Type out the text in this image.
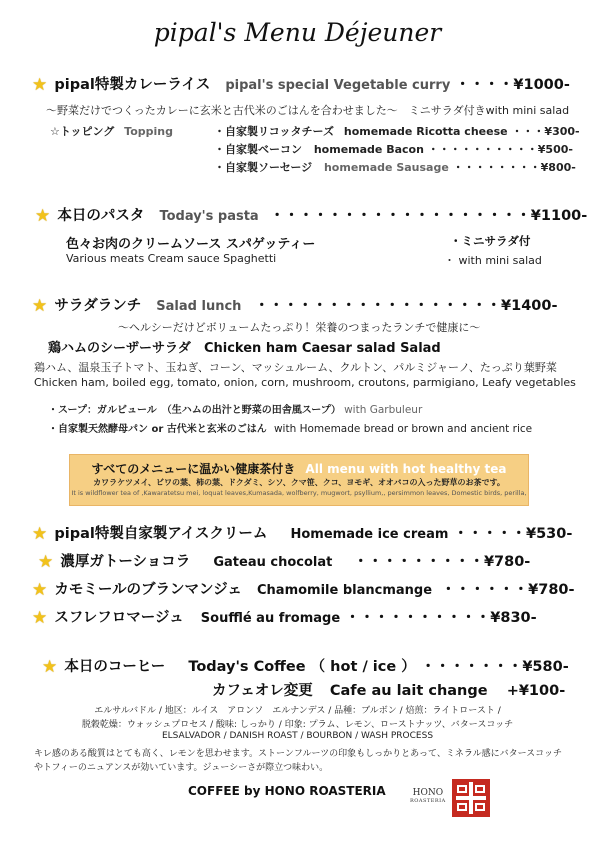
pipal's Menu Déjeuner
★ pipal特製カレーライス pipal's special Vegetable curry ・・・・¥1000-
〜野菜だけでつくったカレーに玄米と古代米のごはんを合わせました〜　ミニサラダ付きwith mini salad
☆トッピング Topping	・自家製リコッタチーズ homemade Ricotta cheese ・・・¥300-
・自家製ベーコン homemade Bacon ・・・・・・・・・・¥500-
・自家製ソーセージ homemade Sausage ・・・・・・・・¥800-
★ 本日のパスタ Today's pasta ・・・・・・・・・・・・・・・・・・¥1100-
色々お肉のクリームソース スパゲッティー	・ミニサラダ付
Various meats Cream sauce Spaghetti	・ with mini salad
★ サラダランチ Salad lunch ・・・・・・・・・・・・・・・・・¥1400-
〜ヘルシーだけどボリュームたっぷり！栄養のつまったランチで健康に〜
鶏ハムのシーザーサラダ Chicken ham Caesar salad Salad
鶏ハム、温泉玉子トマト、玉ねぎ、コーン、マッシュルーム、クルトン、パルミジャーノ、たっぷり葉野菜
Chicken ham, boiled egg, tomato, onion, corn, mushroom, croutons, parmigiano, Leafy vegetables
・スープ：ガルビュール　（生ハムの出汁と野菜の田舎風スープ） with Garbuleur
・自家製天然酵母パン or 古代米と玄米のごはん with Homemade bread or brown and ancient rice
すべてのメニューに温かい健康茶付き All menu with hot healthy tea
カワラケツメイ、ビワの葉、柿の葉、ドクダミ、シソ、クマ笹、クコ、ヨモギ、オオバコの入った野草のお茶です。
It is wildflower tea of ,Kawaratetsu mei, loquat leaves,Kumasada, wolfberry, mugwort, psyllium,, persimmon leaves, Domestic birds, perilla,
★ pipal特製自家製アイスクリーム Homemade ice cream ・・・・・¥530-
★ 濃厚ガトーショコラ Gateau chocolat ・・・・・・・・・¥780-
★ カモミールのブランマンジェ Chamomile blancmange ・・・・・・¥780-
★ スフレフロマージュ Soufflé au fromage ・・・・・・・・・・¥830-
★ 本日のコーヒー Today's Coffee （ hot / ice ） ・・・・・・・¥580-
カフェオレ変更 Cafe au lait change +¥100-
エルサルバドル / 地区：ルイス　アロンソ　エルナンデス / 品種：ブルボン / 焙煎：ライトロースト /
脱穀乾燥：ウォッシュプロセス / 酸味: しっかり / 印象: プラム、レモン、ローストナッツ、バタースコッチ
ELSALVADOR / DANISH ROAST / BOURBON / WASH PROCESS
キレ感のある酸質はとても高く、レモンを思わせます。ストーンフルーツの印象もしっかりとあって、ミネラル感にバタースコッチ
やトフィーのニュアンスが効いています。ジューシーさが際立つ味わい。
COFFEE by HONO ROASTERIA	HONO
ROASTERIA
